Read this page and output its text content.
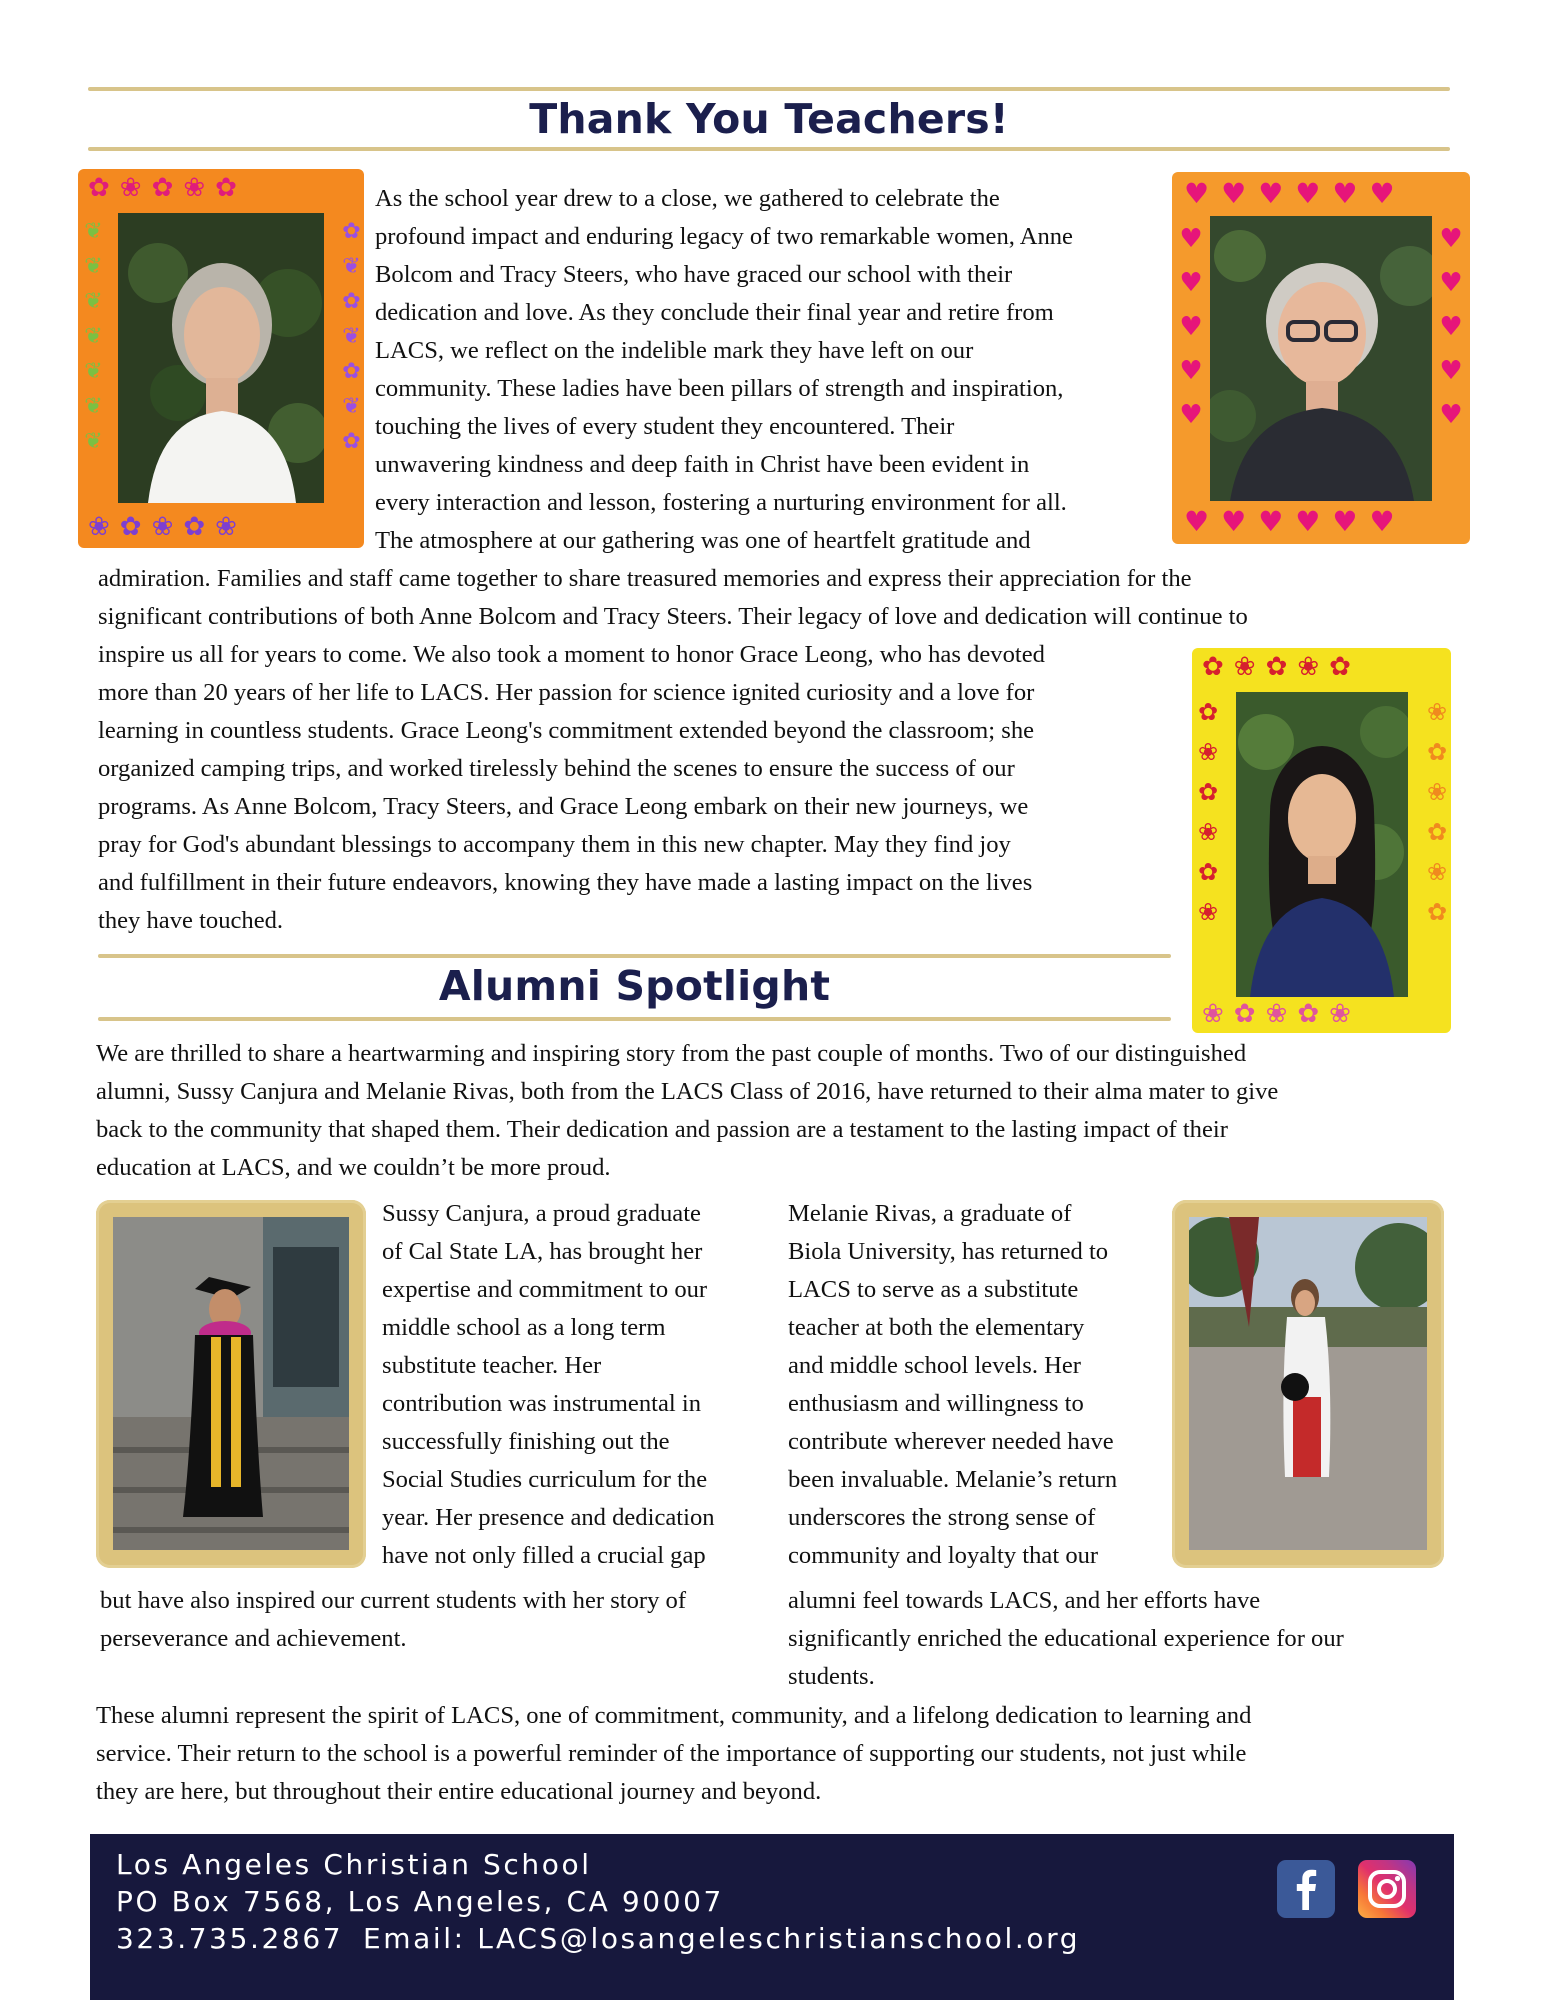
Thank You Teachers!
✿❀✿❀✿
❀✿❀✿❀
❦❦❦❦❦❦❦	✿❦✿❦✿❦✿
♥♥♥♥♥♥
♥♥♥♥♥♥
♥♥♥♥♥	♥♥♥♥♥

As the school year drew to a close, we gathered to celebrate the

profound impact and enduring legacy of two remarkable women, Anne

Bolcom and Tracy Steers, who have graced our school with their

dedication and love. As they conclude their final year and retire from

LACS, we reflect on the indelible mark they have left on our

community. These ladies have been pillars of strength and inspiration,

touching the lives of every student they encountered. Their

unwavering kindness and deep faith in Christ have been evident in

every interaction and lesson, fostering a nurturing environment for all.

The atmosphere at our gathering was one of heartfelt gratitude and

admiration. Families and staff came together to share treasured memories and express their appreciation for the

significant contributions of both Anne Bolcom and Tracy Steers. Their legacy of love and dedication will continue to

inspire us all for years to come. We also took a moment to honor Grace Leong, who has devoted

more than 20 years of her life to LACS. Her passion for science ignited curiosity and a love for

learning in countless students. Grace Leong's commitment extended beyond the classroom; she

organized camping trips, and worked tirelessly behind the scenes to ensure the success of our

programs. As Anne Bolcom, Tracy Steers, and Grace Leong embark on their new journeys, we

pray for God's abundant blessings to accompany them in this new chapter. May they find joy

and fulfillment in their future endeavors, knowing they have made a lasting impact on the lives

they have touched.

✿❀✿❀✿
❀✿❀✿❀
✿❀✿❀✿❀	❀✿❀✿❀✿
Alumni Spotlight

We are thrilled to share a heartwarming and inspiring story from the past couple of months. Two of our distinguished

alumni, Sussy Canjura and Melanie Rivas, both from the LACS Class of 2016, have returned to their alma mater to give

back to the community that shaped them. Their dedication and passion are a testament to the lasting impact of their

education at LACS, and we couldn’t be more proud.

Sussy Canjura, a proud graduate

of Cal State LA, has brought her

expertise and commitment to our

middle school as a long term

substitute teacher. Her

contribution was instrumental in

successfully finishing out the

Social Studies curriculum for the

year. Her presence and dedication

have not only filled a crucial gap

but have also inspired our current students with her story of

perseverance and achievement.

Melanie Rivas, a graduate of

Biola University, has returned to

LACS to serve as a substitute

teacher at both the elementary

and middle school levels. Her

enthusiasm and willingness to

contribute wherever needed have

been invaluable. Melanie’s return

underscores the strong sense of

community and loyalty that our

alumni feel towards LACS, and her efforts have

significantly enriched the educational experience for our

students.

These alumni represent the spirit of LACS, one of commitment, community, and a lifelong dedication to learning and

service. Their return to the school is a powerful reminder of the importance of supporting our students, not just while

they are here, but throughout their entire educational journey and beyond.

Los Angeles Christian School
PO Box 7568, Los Angeles, CA 90007
323.735.2867 Email: LACS@losangeleschristianschool.org
